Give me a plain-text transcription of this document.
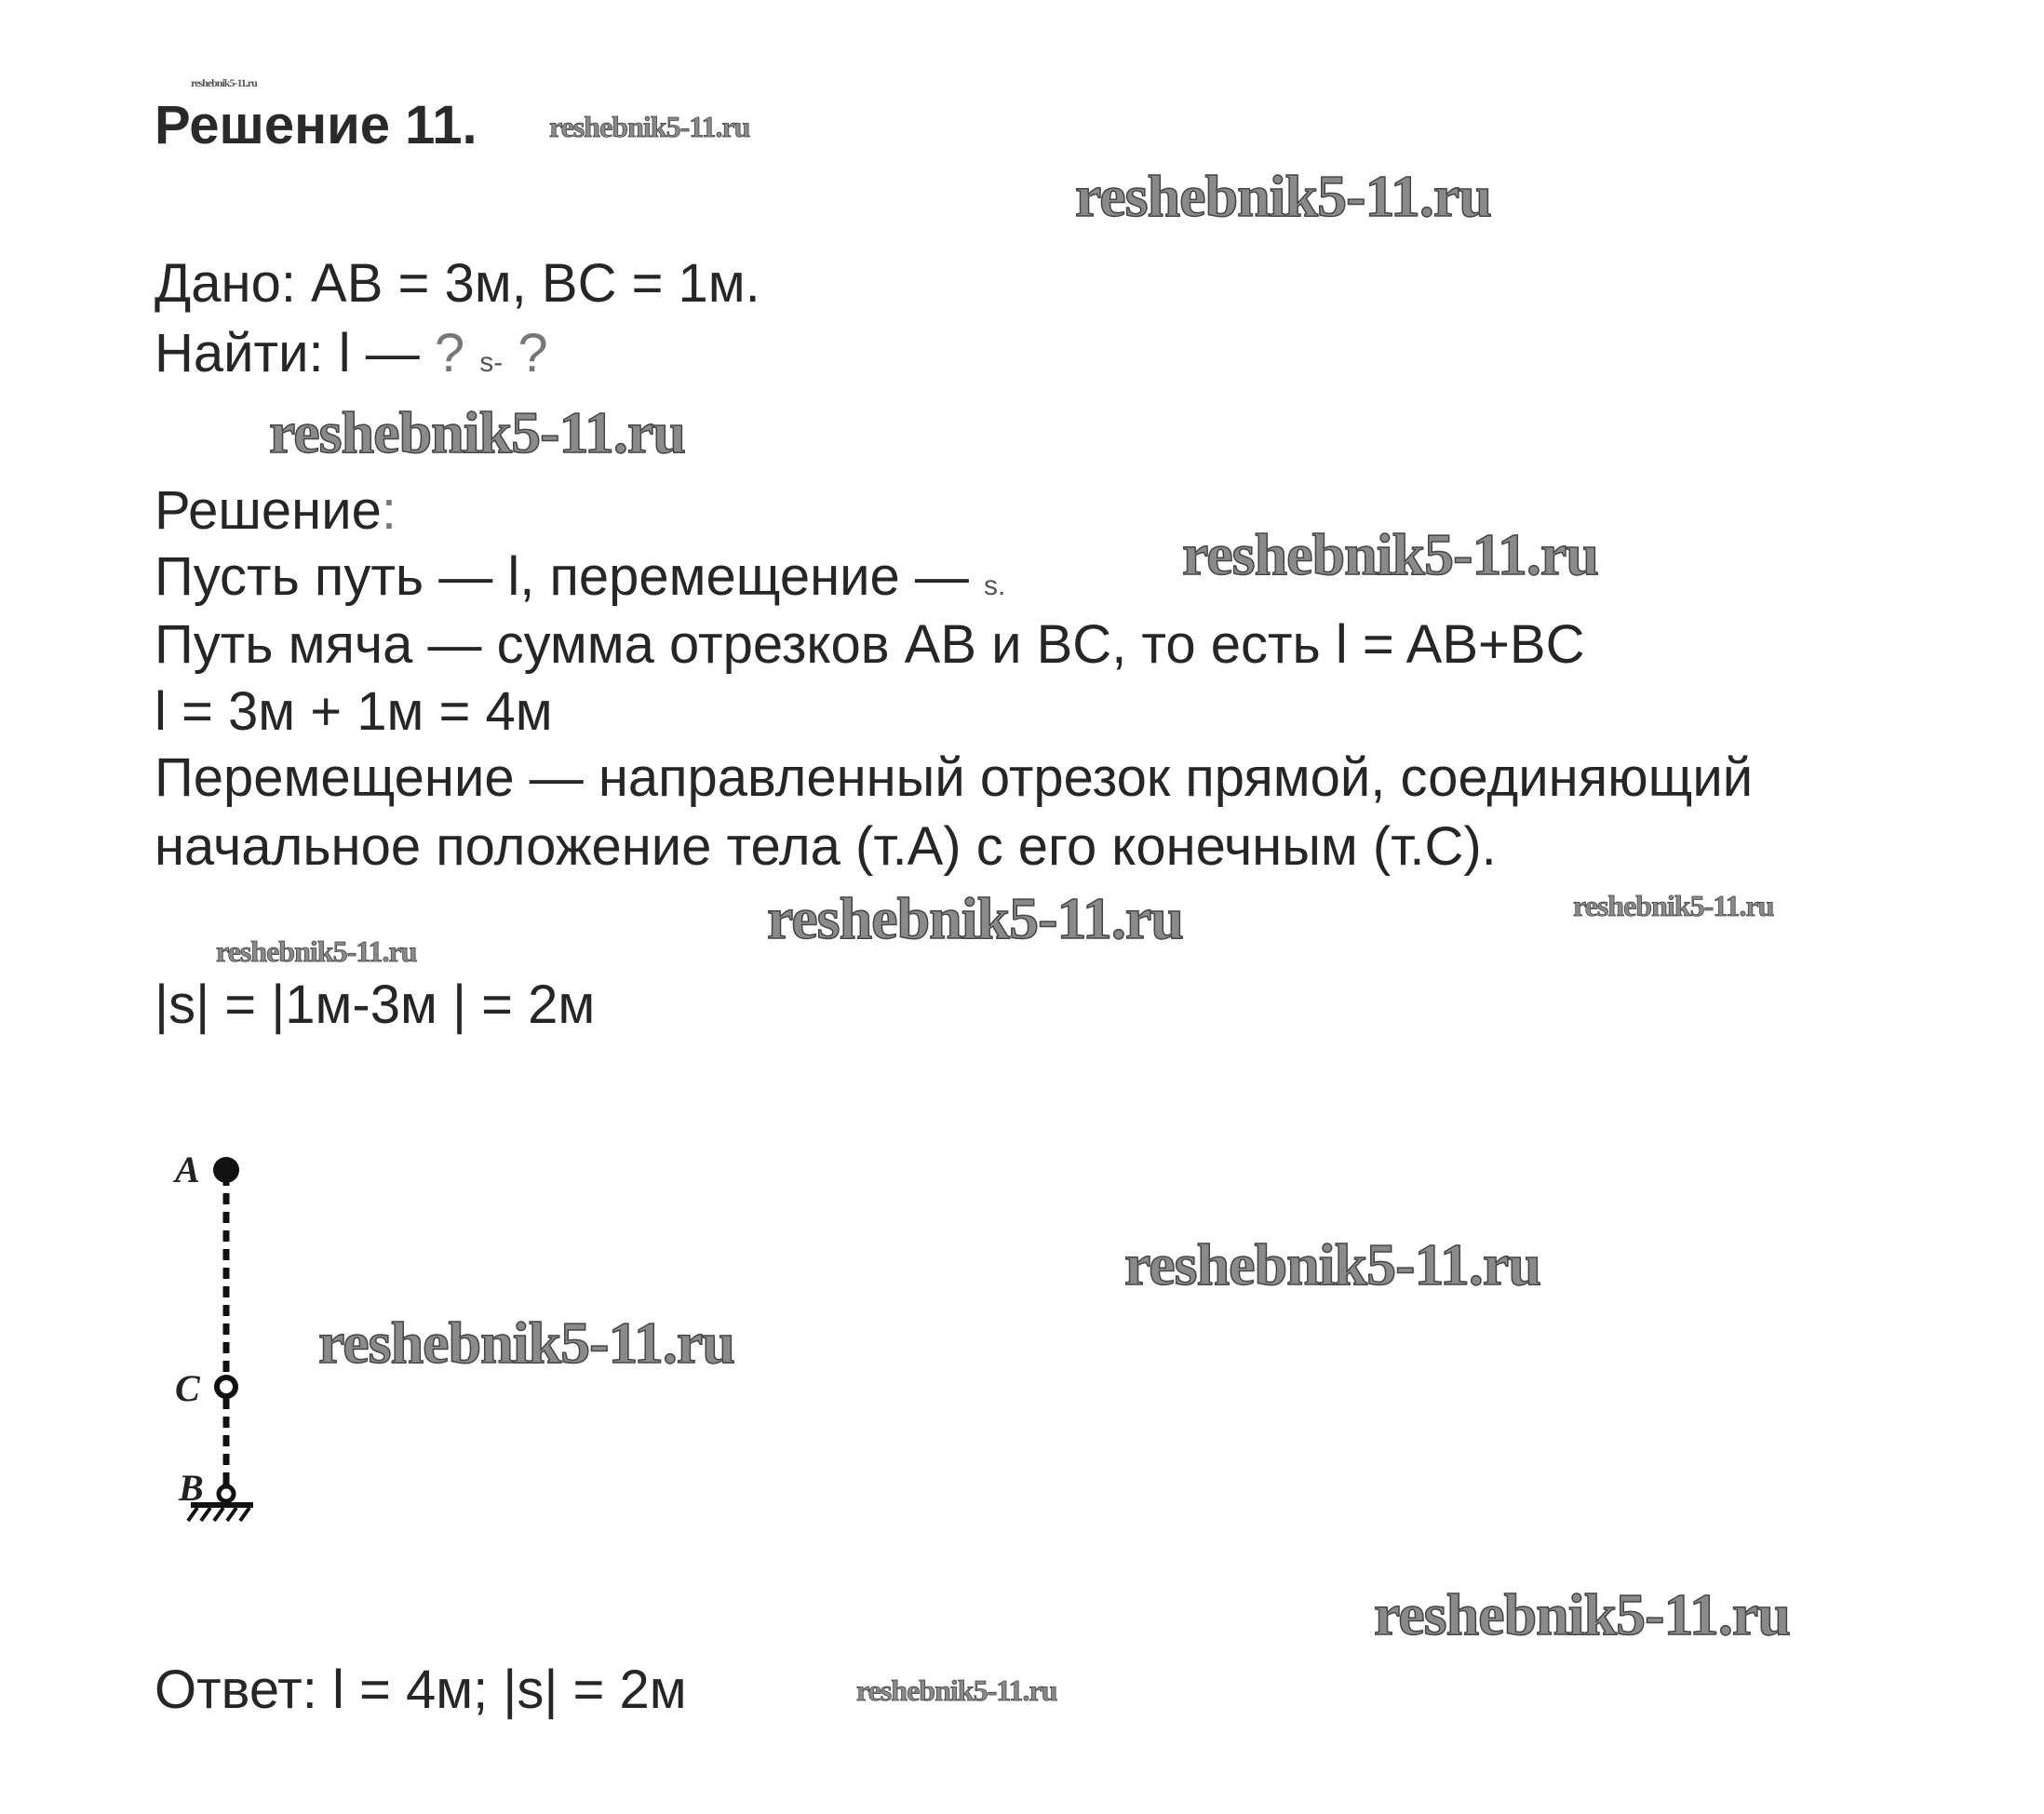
Решение 11.
Дано: AB = 3м, BC = 1м.
Найти: l — ? s- ?
Решение:
Пусть путь — l, перемещение — s.
Путь мяча — сумма отрезков AB и BC, то есть l = AB+BC
l = 3м + 1м = 4м
Перемещение — направленный отрезок прямой, соединяющий
начальное положение тела (т.А) с его конечным (т.С).
|s| = |1м-3м | = 2м
Ответ: l = 4м; |s| = 2м
A
C
B
reshebnik5-11.ru
reshebnik5-11.ru
reshebnik5-11.ru
reshebnik5-11.ru
reshebnik5-11.ru
reshebnik5-11.ru	reshebnik5-11.ru
reshebnik5-11.ru
reshebnik5-11.ru
reshebnik5-11.ru
reshebnik5-11.ru
reshebnik5-11.ru
